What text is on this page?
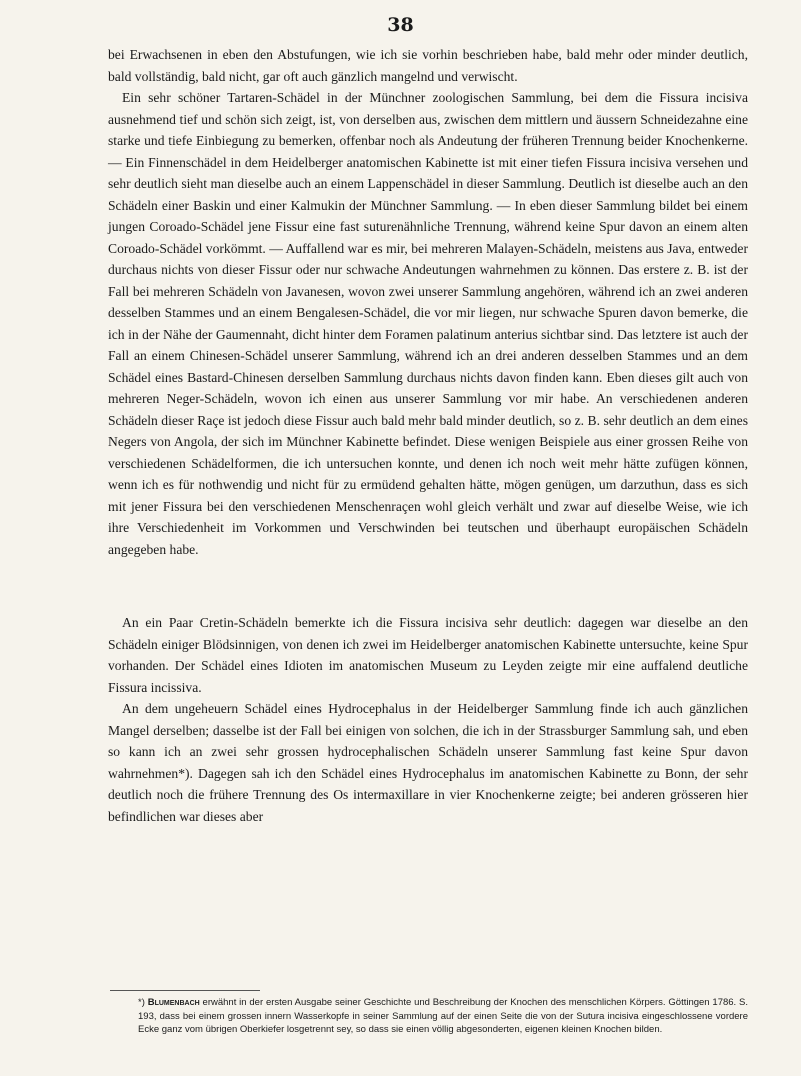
38

bei Erwachsenen in eben den Abstufungen, wie ich sie vorhin beschrieben habe, bald mehr oder minder deutlich, bald vollständig, bald nicht, gar oft auch gänzlich mangelnd und verwischt.

Ein sehr schöner Tartaren-Schädel in der Münchner zoologischen Sammlung, bei dem die Fissura incisiva ausnehmend tief und schön sich zeigt, ist, von derselben aus, zwischen dem mittlern und äussern Schneidezahne eine starke und tiefe Einbiegung zu bemerken, offenbar noch als Andeutung der früheren Trennung beider Knochenkerne. — Ein Finnenschädel in dem Heidelberger anatomischen Kabinette ist mit einer tiefen Fissura incisiva versehen und sehr deutlich sieht man dieselbe auch an einem Lappenschädel in dieser Sammlung. Deutlich ist dieselbe auch an den Schädeln einer Baskin und einer Kalmukin der Münchner Sammlung. — In eben dieser Sammlung bildet bei einem jungen Coroado-Schädel jene Fissur eine fast suturenähnliche Trennung, während keine Spur davon an einem alten Coroado-Schädel vorkömmt. — Auffallend war es mir, bei mehreren Malayen-Schädeln, meistens aus Java, entweder durchaus nichts von dieser Fissur oder nur schwache Andeutungen wahrnehmen zu können. Das erstere z. B. ist der Fall bei mehreren Schädeln von Javanesen, wovon zwei unserer Sammlung angehören, während ich an zwei anderen desselben Stammes und an einem Bengalesen-Schädel, die vor mir liegen, nur schwache Spuren davon bemerke, die ich in der Nähe der Gaumennaht, dicht hinter dem Foramen palatinum anterius sichtbar sind. Das letztere ist auch der Fall an einem Chinesen-Schädel unserer Sammlung, während ich an drei anderen desselben Stammes und an dem Schädel eines Bastard-Chinesen derselben Sammlung durchaus nichts davon finden kann. Eben dieses gilt auch von mehreren Neger-Schädeln, wovon ich einen aus unserer Sammlung vor mir habe. An verschiedenen anderen Schädeln dieser Raçe ist jedoch diese Fissur auch bald mehr bald minder deutlich, so z. B. sehr deutlich an dem eines Negers von Angola, der sich im Münchner Kabinette befindet. Diese wenigen Beispiele aus einer grossen Reihe von verschiedenen Schädelformen, die ich untersuchen konnte, und denen ich noch weit mehr hätte zufügen können, wenn ich es für nothwendig und nicht für zu ermüdend gehalten hätte, mögen genügen, um darzuthun, dass es sich mit jener Fissura bei den verschiedenen Menschenraçen wohl gleich verhält und zwar auf dieselbe Weise, wie ich ihre Verschiedenheit im Vorkommen und Verschwinden bei teutschen und überhaupt europäischen Schädeln angegeben habe.

An ein Paar Cretin-Schädeln bemerkte ich die Fissura incisiva sehr deutlich: dagegen war dieselbe an den Schädeln einiger Blödsinnigen, von denen ich zwei im Heidelberger anatomischen Kabinette untersuchte, keine Spur vorhanden. Der Schädel eines Idioten im anatomischen Museum zu Leyden zeigte mir eine auffalend deutliche Fissura incissiva.

An dem ungeheuern Schädel eines Hydrocephalus in der Heidelberger Sammlung finde ich auch gänzlichen Mangel derselben; dasselbe ist der Fall bei einigen von solchen, die ich in der Strassburger Sammlung sah, und eben so kann ich an zwei sehr grossen hydrocephalischen Schädeln unserer Sammlung fast keine Spur davon wahrnehmen*). Dagegen sah ich den Schädel eines Hydrocephalus im anatomischen Kabinette zu Bonn, der sehr deutlich noch die frühere Trennung des Os intermaxillare in vier Knochenkerne zeigte; bei anderen grösseren hier befindlichen war dieses aber

*) Blumenbach erwähnt in der ersten Ausgabe seiner Geschichte und Beschreibung der Knochen des menschlichen Körpers. Göttingen 1786. S. 193, dass bei einem grossen innern Wasserkopfe in seiner Sammlung auf der einen Seite die von der Sutura incisiva eingeschlossene vordere Ecke ganz vom übrigen Oberkiefer losgetrennt sey, so dass sie einen völlig abgesonderten, eigenen kleinen Knochen bilden.
